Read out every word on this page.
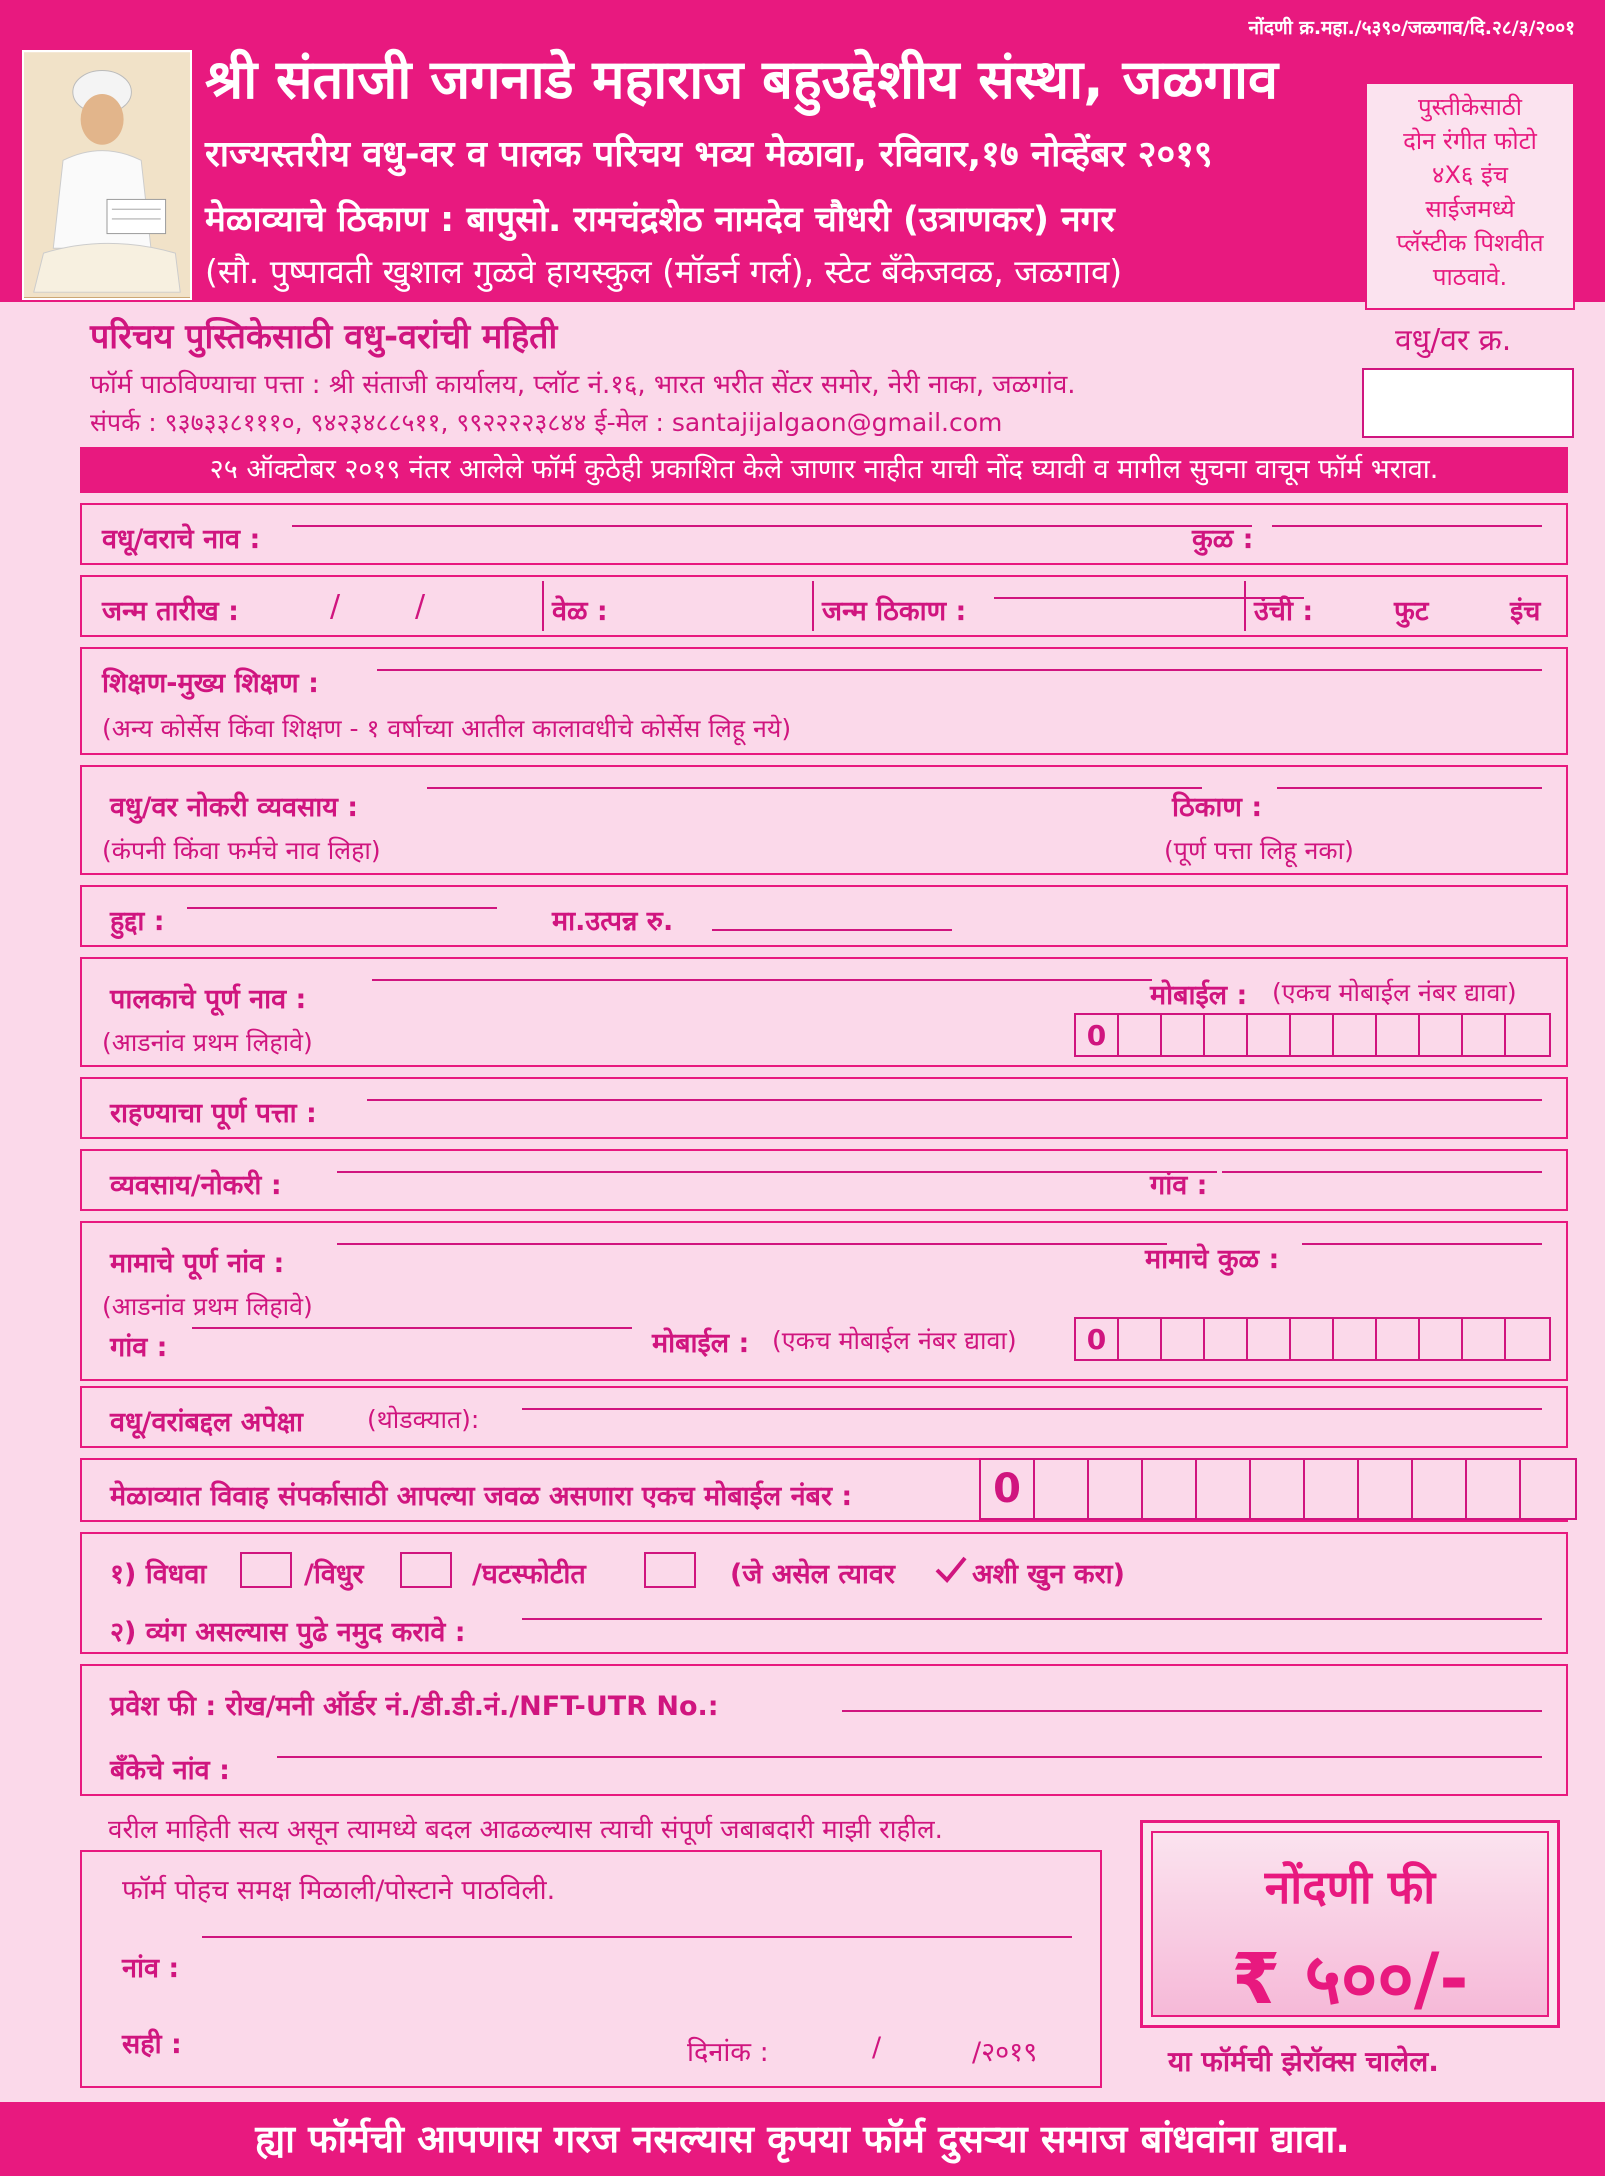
नोंदणी क्र.महा./५३९०/जळगाव/दि.२८/३/२००१
श्री संताजी जगनाडे महाराज बहुउद्देशीय संस्था, जळगाव
राज्यस्तरीय वधु-वर व पालक परिचय भव्य मेळावा, रविवार,१७ नोव्हेंबर २०१९
मेळाव्याचे ठिकाण : बापुसो. रामचंद्रशेठ नामदेव चौधरी (उत्राणकर) नगर
(सौ. पुष्पावती खुशाल गुळवे हायस्कुल (मॉडर्न गर्ल), स्टेट बँकेजवळ, जळगाव)
पुस्तीकेसाठी
दोन रंगीत फोटो
४X६ इंच
साईजमध्ये
प्लॅस्टीक पिशवीत
पाठवावे.
परिचय पुस्तिकेसाठी वधु-वरांची महिती
फॉर्म पाठविण्याचा पत्ता : श्री संताजी कार्यालय, प्लॉट नं.१६, भारत भरीत सेंटर समोर, नेरी नाका, जळगांव.
संपर्क : ९३७३३८१११०, ९४२३४८८५११, ९९२२२२३८४४ ई-मेल : santajijalgaon@gmail.com
वधु/वर क्र.
२५ ऑक्टोबर २०१९ नंतर आलेले फॉर्म कुठेही प्रकाशित केले जाणार नाहीत याची नोंद घ्यावी व मागील सुचना वाचून फॉर्म भरावा.
वधू/वराचे नाव :	कुळ :
जन्म तारीख :	/ /	वेळ :	जन्म ठिकाण :	उंची :	फुट	इंच
शिक्षण-मुख्य शिक्षण :
(अन्य कोर्सेस किंवा शिक्षण - १ वर्षाच्या आतील कालावधीचे कोर्सेस लिहू नये)
वधु/वर नोकरी व्यवसाय :	ठिकाण :
(कंपनी किंवा फर्मचे नाव लिहा)	(पूर्ण पत्ता लिहू नका)
हुद्दा :	मा.उत्पन्न रु.
पालकाचे पूर्ण नाव :	मोबाईल : (एकच मोबाईल नंबर द्यावा)
(आडनांव प्रथम लिहावे)	0
राहण्याचा पूर्ण पत्ता :
व्यवसाय/नोकरी :	गांव :
मामाचे पूर्ण नांव :	मामाचे कुळ :
(आडनांव प्रथम लिहावे)
गांव :	मोबाईल : (एकच मोबाईल नंबर द्यावा)	0
वधू/वरांबद्दल अपेक्षा	(थोडक्यात):
मेळाव्यात विवाह संपर्कासाठी आपल्या जवळ असणारा एकच मोबाईल नंबर :	0
१) विधवा	/विधुर	/घटस्फोटीत	(जे असेल त्यावर	अशी खुन करा)
२) व्यंग असल्यास पुढे नमुद करावे :
प्रवेश फी : रोख/मनी ऑर्डर नं./डी.डी.नं./NFT-UTR No.:
बँकेचे नांव :
वरील माहिती सत्य असून त्यामध्ये बदल आढळल्यास त्याची संपूर्ण जबाबदारी माझी राहील.
फॉर्म पोहच समक्ष मिळाली/पोस्टाने पाठविली.
नांव :
सही :	दिनांक :	/	/२०१९
नोंदणी फी
₹ ५००/-
या फॉर्मची झेरॉक्स चालेल.
ह्या फॉर्मची आपणास गरज नसल्यास कृपया फॉर्म दुसऱ्या समाज बांधवांना द्यावा.
